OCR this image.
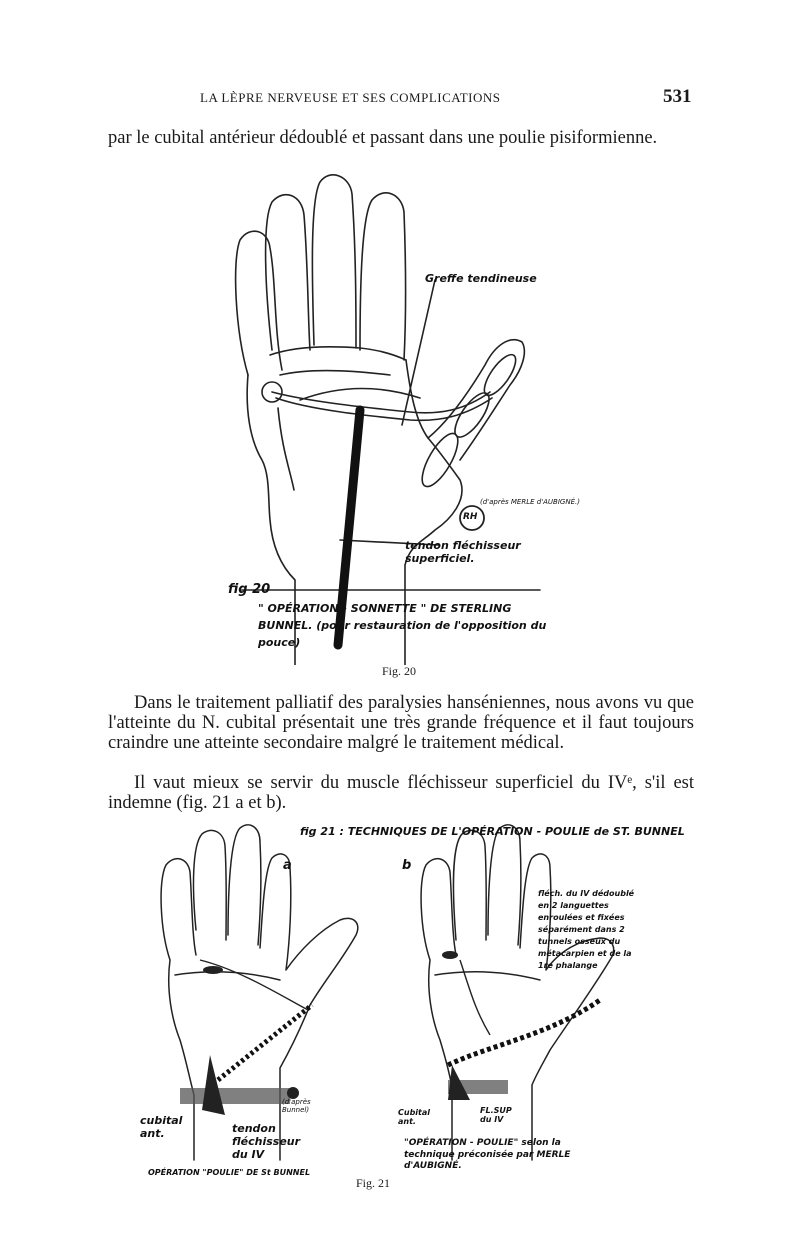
LA LÈPRE NERVEUSE ET SES COMPLICATIONS	531

par le cubital antérieur dédoublé et passant dans une poulie pisiformienne.

Greffe tendineuse
(d'après MERLE d'AUBIGNÉ.)
RH
tendon fléchisseur superficiel.
fig 20
" OPÉRATION - SONNETTE " DE STERLING BUNNEL. (pour restauration de l'opposition du pouce)
Fig. 20

Dans le traitement palliatif des paralysies hanséniennes, nous avons vu que l'atteinte du N. cubital présentait une très grande fréquence et il faut toujours craindre une atteinte secondaire malgré le traitement médical.

Il vaut mieux se servir du muscle fléchisseur superficiel du IVᵉ, s'il est indemne (fig. 21 a et b).

fig 21 : TECHNIQUES DE L'OPÉRATION - POULIE de ST. BUNNEL
a	b
fléch. du IV dédoublé en 2 languettes enroulées et fixées séparément dans 2 tunnels osseux du métacarpien et de la 1re phalange
cubital ant.	tendon fléchisseur du IV
(d'après Bunnel)
OPÉRATION "POULIE" DE St BUNNEL
Cubital ant.
FL.SUP du IV
"OPÉRATION - POULIE" selon la technique préconisée par MERLE d'AUBIGNÉ.
Fig. 21
